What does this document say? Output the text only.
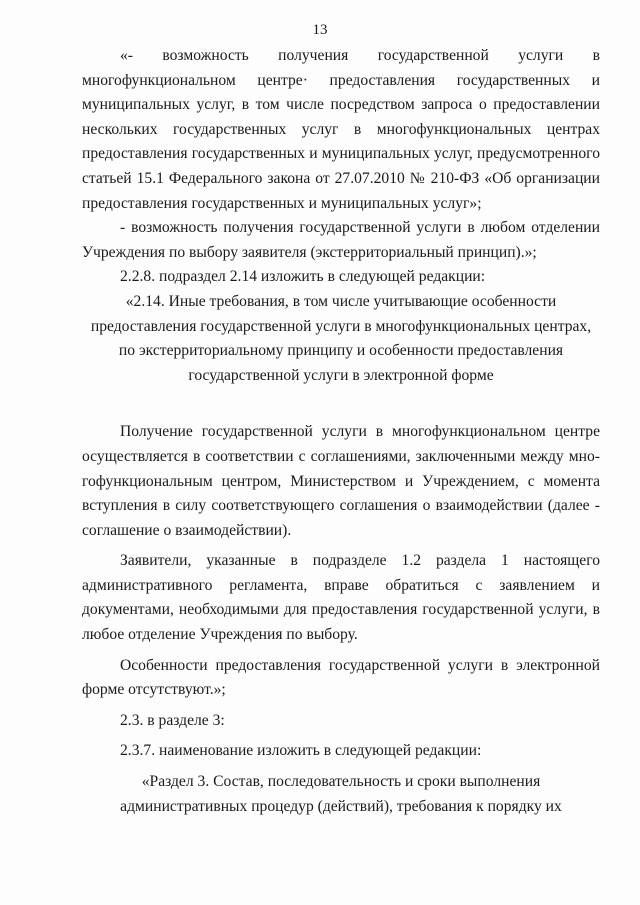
13

«- возможность получения государственной услуги в

многофункциональном центре· предоставления государственных и

муниципальных услуг, в том числе посредством запроса о предоставлении

нескольких государственных услуг в многофункциональных центрах

предоставления государственных и муниципальных услуг, предусмотренного

статьей 15.1 Федерального закона от 27.07.2010 № 210-ФЗ «Об организации

предоставления государственных и муниципальных услуг»;

- возможность получения государственной услуги в любом отделении

Учреждения по выбору заявителя (экстерриториальный принцип).»;

2.2.8. подраздел 2.14 изложить в следующей редакции:

«2.14. Иные требования, в том числе учитывающие особенности

предоставления государственной услуги в многофункциональных центрах,

по экстерриториальному принципу и особенности предоставления

государственной услуги в электронной форме

Получение государственной услуги в многофункциональном центре

осуществляется в соответствии с соглашениями, заключенными между мно-

гофункциональным центром, Министерством и Учреждением, с момента

вступления в силу соответствующего соглашения о взаимодействии (далее -

соглашение о взаимодействии).

Заявители, указанные в подразделе 1.2 раздела 1 настоящего

административного регламента, вправе обратиться с заявлением и

документами, необходимыми для предоставления государственной услуги, в

любое отделение Учреждения по выбору.

Особенности предоставления государственной услуги в электронной

форме отсутствуют.»;

2.3. в разделе 3:

2.3.7. наименование изложить в следующей редакции:

«Раздел 3. Состав, последовательность и сроки выполнения

административных процедур (действий), требования к порядку их
